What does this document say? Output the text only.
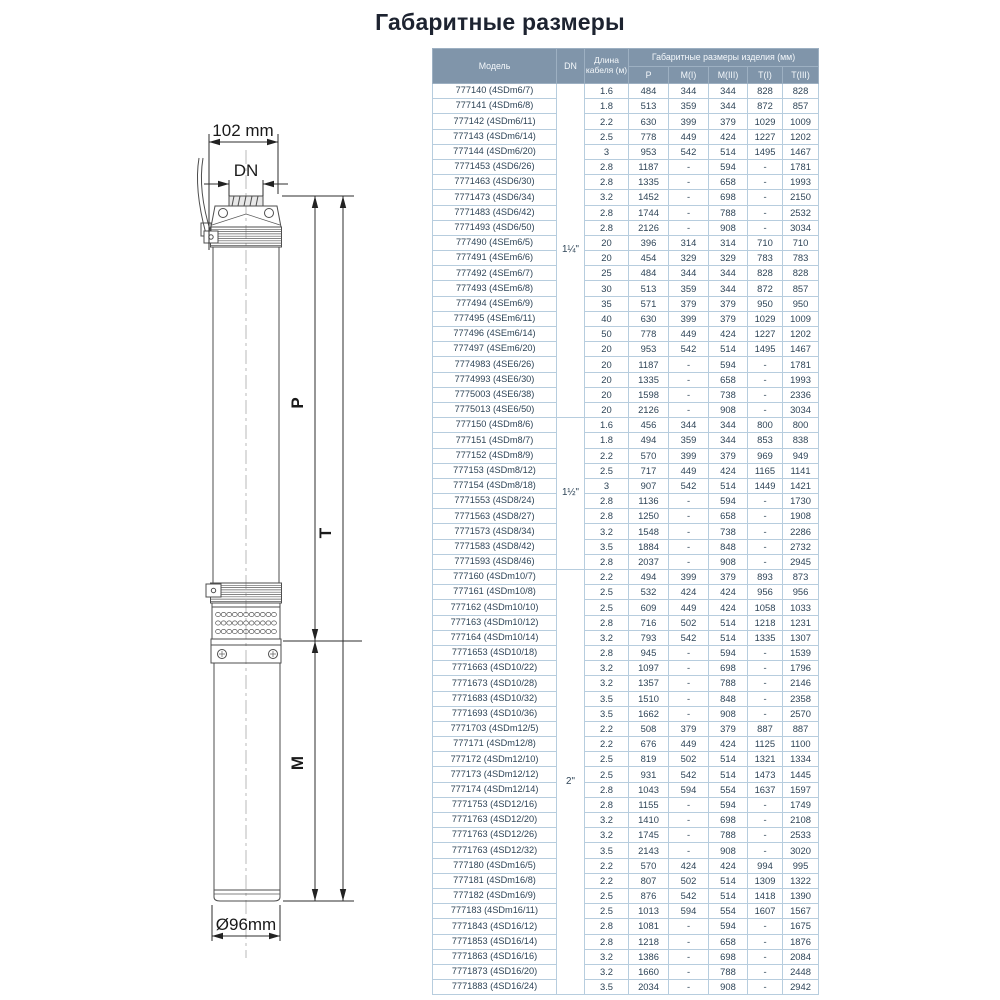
Габаритные размеры
102 mm
DN
P
M
T
Ø96mm
Модель	DN	Длина кабеля (м)	Габаритные размеры изделия (мм)				
			P	M(I)	M(III)	T(I)	T(III)
777140 (4SDm6/7)	1¼"	1.6	484	344	344	828	828
777141 (4SDm6/8)		1.8	513	359	344	872	857
777142 (4SDm6/11)		2.2	630	399	379	1029	1009
777143 (4SDm6/14)		2.5	778	449	424	1227	1202
777144 (4SDm6/20)		3	953	542	514	1495	1467
7771453 (4SD6/26)		2.8	1187	-	594	-	1781
7771463 (4SD6/30)		2.8	1335	-	658	-	1993
7771473 (4SD6/34)		3.2	1452	-	698	-	2150
7771483 (4SD6/42)		2.8	1744	-	788	-	2532
7771493 (4SD6/50)		2.8	2126	-	908	-	3034
777490 (4SEm6/5)		20	396	314	314	710	710
777491 (4SEm6/6)		20	454	329	329	783	783
777492 (4SEm6/7)		25	484	344	344	828	828
777493 (4SEm6/8)		30	513	359	344	872	857
777494 (4SEm6/9)		35	571	379	379	950	950
777495 (4SEm6/11)		40	630	399	379	1029	1009
777496 (4SEm6/14)		50	778	449	424	1227	1202
777497 (4SEm6/20)		20	953	542	514	1495	1467
7774983 (4SE6/26)		20	1187	-	594	-	1781
7774993 (4SE6/30)		20	1335	-	658	-	1993
7775003 (4SE6/38)		20	1598	-	738	-	2336
7775013 (4SE6/50)		20	2126	-	908	-	3034
777150 (4SDm8/6)	1½"	1.6	456	344	344	800	800
777151 (4SDm8/7)		1.8	494	359	344	853	838
777152 (4SDm8/9)		2.2	570	399	379	969	949
777153 (4SDm8/12)		2.5	717	449	424	1165	1141
777154 (4SDm8/18)		3	907	542	514	1449	1421
7771553 (4SD8/24)		2.8	1136	-	594	-	1730
7771563 (4SD8/27)		2.8	1250	-	658	-	1908
7771573 (4SD8/34)		3.2	1548	-	738	-	2286
7771583 (4SD8/42)		3.5	1884	-	848	-	2732
7771593 (4SD8/46)		2.8	2037	-	908	-	2945
777160 (4SDm10/7)	2"	2.2	494	399	379	893	873
777161 (4SDm10/8)		2.5	532	424	424	956	956
777162 (4SDm10/10)		2.5	609	449	424	1058	1033
777163 (4SDm10/12)		2.8	716	502	514	1218	1231
777164 (4SDm10/14)		3.2	793	542	514	1335	1307
7771653 (4SD10/18)		2.8	945	-	594	-	1539
7771663 (4SD10/22)		3.2	1097	-	698	-	1796
7771673 (4SD10/28)		3.2	1357	-	788	-	2146
7771683 (4SD10/32)		3.5	1510	-	848	-	2358
7771693 (4SD10/36)		3.5	1662	-	908	-	2570
7771703 (4SDm12/5)		2.2	508	379	379	887	887
777171 (4SDm12/8)		2.2	676	449	424	1125	1100
777172 (4SDm12/10)		2.5	819	502	514	1321	1334
777173 (4SDm12/12)		2.5	931	542	514	1473	1445
777174 (4SDm12/14)		2.8	1043	594	554	1637	1597
7771753 (4SD12/16)		2.8	1155	-	594	-	1749
7771763 (4SD12/20)		3.2	1410	-	698	-	2108
7771763 (4SD12/26)		3.2	1745	-	788	-	2533
7771763 (4SD12/32)		3.5	2143	-	908	-	3020
777180 (4SDm16/5)		2.2	570	424	424	994	995
777181 (4SDm16/8)		2.2	807	502	514	1309	1322
777182 (4SDm16/9)		2.5	876	542	514	1418	1390
777183 (4SDm16/11)		2.5	1013	594	554	1607	1567
7771843 (4SD16/12)		2.8	1081	-	594	-	1675
7771853 (4SD16/14)		2.8	1218	-	658	-	1876
7771863 (4SD16/16)		3.2	1386	-	698	-	2084
7771873 (4SD16/20)		3.2	1660	-	788	-	2448
7771883 (4SD16/24)		3.5	2034	-	908	-	2942
